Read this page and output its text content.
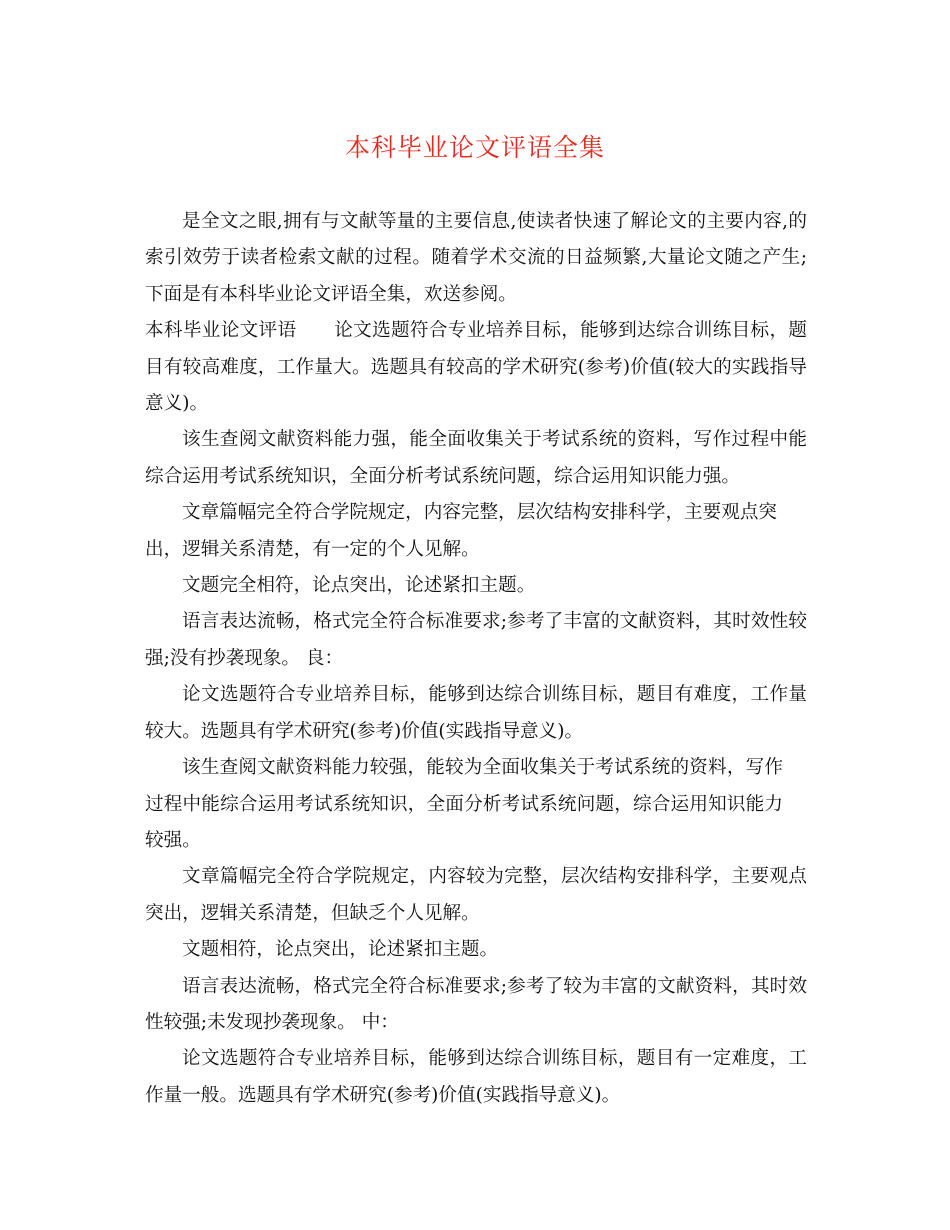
本科毕业论文评语全集

是全文之眼,拥有与文献等量的主要信息,使读者快速了解论文的主要内容,的索引效劳于读者检索文献的过程。随着学术交流的日益频繁,大量论文随之产生;下面是有本科毕业论文评语全集，欢送参阅。

本科毕业论文评语　　论文选题符合专业培养目标，能够到达综合训练目标，题目有较高难度，工作量大。选题具有较高的学术研究(参考)价值(较大的实践指导意义)。

该生查阅文献资料能力强，能全面收集关于考试系统的资料，写作过程中能综合运用考试系统知识，全面分析考试系统问题，综合运用知识能力强。

文章篇幅完全符合学院规定，内容完整，层次结构安排科学，主要观点突出，逻辑关系清楚，有一定的个人见解。

文题完全相符，论点突出，论述紧扣主题。

语言表达流畅，格式完全符合标准要求;参考了丰富的文献资料，其时效性较强;没有抄袭现象。 良：

论文选题符合专业培养目标，能够到达综合训练目标，题目有难度，工作量较大。选题具有学术研究(参考)价值(实践指导意义)。

该生查阅文献资料能力较强，能较为全面收集关于考试系统的资料，写作过程中能综合运用考试系统知识，全面分析考试系统问题，综合运用知识能力较强。

文章篇幅完全符合学院规定，内容较为完整，层次结构安排科学，主要观点突出，逻辑关系清楚，但缺乏个人见解。

文题相符，论点突出，论述紧扣主题。

语言表达流畅，格式完全符合标准要求;参考了较为丰富的文献资料，其时效性较强;未发现抄袭现象。 中：

论文选题符合专业培养目标，能够到达综合训练目标，题目有一定难度，工作量一般。选题具有学术研究(参考)价值(实践指导意义)。
